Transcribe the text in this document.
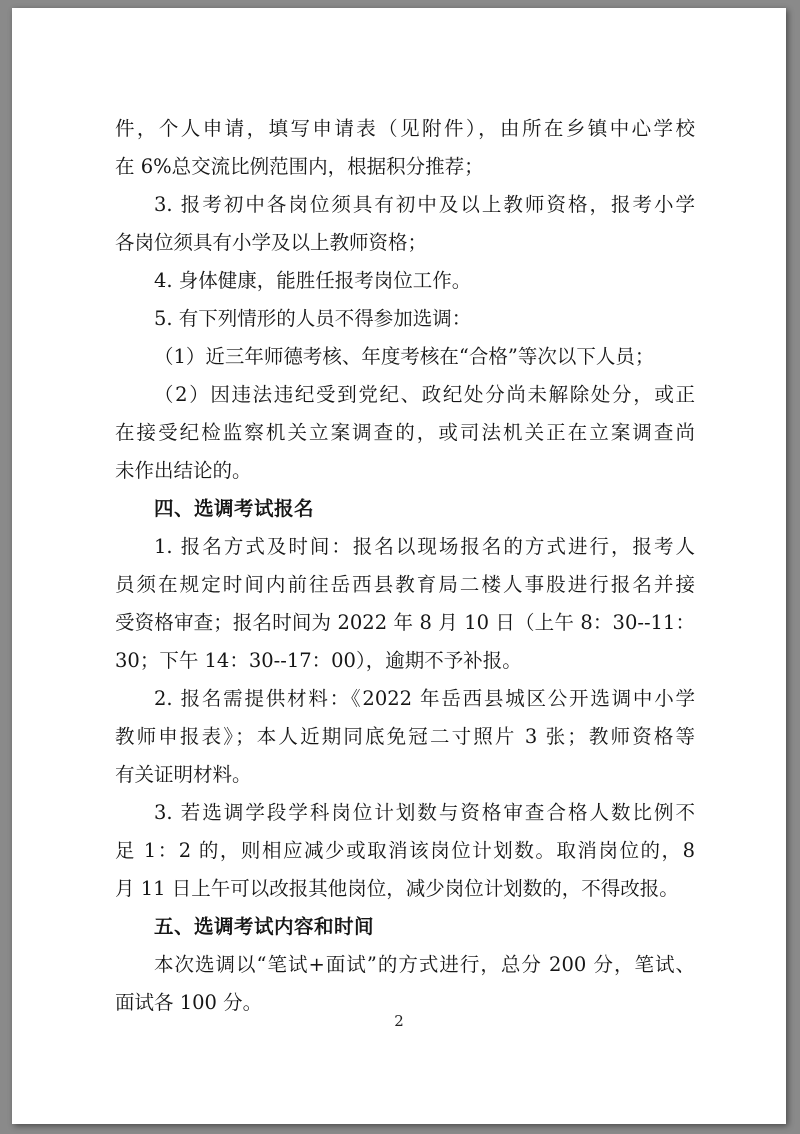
件，个人申请，填写申请表（见附件），由所在乡镇中心学校

在 6%总交流比例范围内，根据积分推荐；

3. 报考初中各岗位须具有初中及以上教师资格，报考小学

各岗位须具有小学及以上教师资格；

4. 身体健康，能胜任报考岗位工作。

5. 有下列情形的人员不得参加选调：

（1）近三年师德考核、年度考核在“合格”等次以下人员；

（2）因违法违纪受到党纪、政纪处分尚未解除处分，或正

在接受纪检监察机关立案调查的，或司法机关正在立案调查尚

未作出结论的。

四、选调考试报名

1. 报名方式及时间：报名以现场报名的方式进行，报考人

员须在规定时间内前往岳西县教育局二楼人事股进行报名并接

受资格审查；报名时间为 2022 年 8 月 10 日（上午 8：30--11：

30；下午 14：30--17：00），逾期不予补报。

2. 报名需提供材料：《2022 年岳西县城区公开选调中小学

教师申报表》；本人近期同底免冠二寸照片 3 张；教师资格等

有关证明材料。

3. 若选调学段学科岗位计划数与资格审查合格人数比例不

足 1：2 的，则相应减少或取消该岗位计划数。取消岗位的，8

月 11 日上午可以改报其他岗位，减少岗位计划数的，不得改报。

五、选调考试内容和时间

本次选调以“笔试+面试”的方式进行，总分 200 分，笔试、

面试各 100 分。

2
